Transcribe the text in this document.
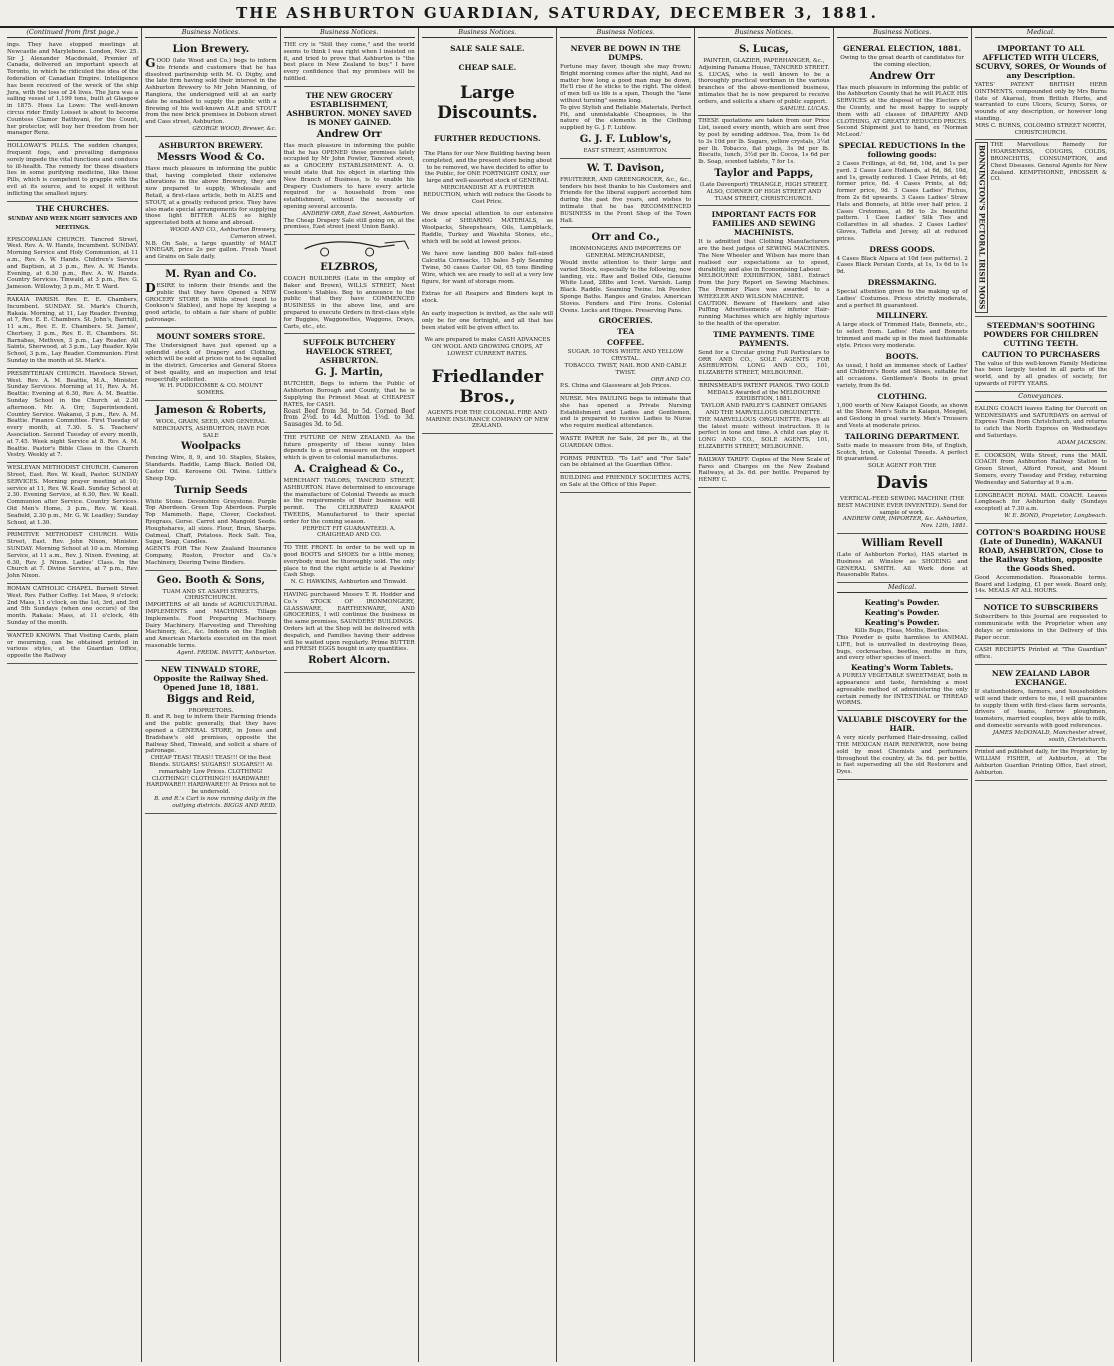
THE ASHBURTON GUARDIAN, SATURDAY, DECEMBER 3, 1881.
(Continued from first page.)
ings. They have stopped meetings at Newcastle and Marylebone. London, Nov. 25. Sir J. Alexander Macdonald, Premier of Canada, delivered an important speech at Toronto, in which he ridiculed the idea of the federation of Canadian Empire. Intelligence has been received of the wreck of the ship Jura, with the loss of 24 lives. The Jura was a sailing vessel of 1,199 tons, built at Glasgow in 1875. Hoes La Lowe: The well-known circus rider Emily Loisset is about to become Countess Clamor Batthyani, for the Count, her protector, will buy her freedom from her manager Renz.
HOLLOWAY'S PILLS. The sudden changes, frequent fogs, and prevailing dampness sorely impede the vital functions and conduce to ill-health. The remedy for these disasters lies in some purifying medicine, like these Pills, which is competent to grapple with the evil at its source, and to expel it without inflicting the smallest injury.
THE CHURCHES.
SUNDAY AND WEEK NIGHT SERVICES AND MEETINGS.
EPISCOPALIAN CHURCH. Tancred Street, West. Rev. A. W. Hands, Incumbent. SUNDAY. Morning Service and Holy Communion, at 11 a.m., Rev. A. W. Hands. Children's Service and Baptism, at 3 p.m., Rev. A. W. Hands. Evening, at 6.30 p.m., Rev. A. W. Hands. Country Services. Tinwald, at 3 p.m., Rev. G. Jameson. Willowby, 3 p.m., Mr. T. Ward.
RAKAIA PARISH. Rev. E. E. Chambers, Incumbent. SUNDAY. St. Mark's Church, Rakaia. Morning, at 11, Lay Reader. Evening, at 7, Rev. E. E. Chambers. St. John's, Barrhill, 11 a.m., Rev. E. E. Chambers. St. James', Chertsey, 3 p.m., Rev. E. E. Chambers. St. Barnabas, Methven, 3 p.m., Lay Reader. All Saints, Sherwood, at 3 p.m., Lay Reader. Kyle School, 3 p.m., Lay Reader. Communion. First Sunday in the month at St. Mark's.
PRESBYTERIAN CHURCH. Havelock Street, West. Rev. A. M. Beattie, M.A., Minister. Sunday Services. Morning at 11, Rev. A. M. Beattie; Evening at 6.30, Rev. A. M. Beattie. Sunday School in the Church at 2.30 afternoon. Mr. A. Orr, Superintendent. Country Service. Wakanui, 3 p.m., Rev. A. M. Beattie. Finance Committee. First Tuesday of every month, at 7.30. S. S. Teachers' Association. Second Tuesday of every month, at 7.45. Week night Service at 8. Rev. A. M. Beattie. Pastor's Bible Class in the Church Vestry. Weekly at 7.
WESLEYAN METHODIST CHURCH. Cameron Street, East. Rev. W. Keall, Pastor. SUNDAY SERVICES. Morning prayer meeting at 10; service at 11, Rev. W. Keall. Sunday School at 2.30. Evening Service, at 6.30, Rev. W. Keall. Communion after Service. Country Services. Old Men's Home, 3 p.m., Rev. W. Keall. Seafield, 2.30 p.m., Mr. G. W. Leadley; Sunday School, at 1.30.
PRIMITIVE METHODIST CHURCH. Wills Street, East. Rev. John Nixon, Minister. SUNDAY. Morning School at 10 a.m. Morning Service, at 11 a.m., Rev. J. Nixon. Evening, at 6.30, Rev. J. Nixon. Ladies' Class. In the Church at 7. Divine Service, at 7 p.m., Rev. John Nixon.
ROMAN CATHOLIC CHAPEL. Burnett Street West. Rev. Father Coffey. 1st Mass, 9 o'clock; 2nd Mass, 11 o'clock, on the 1st, 3rd, and 3rd and 5th Sundays (when one occurs) of the month. Rakaia: Mass, at 11 o'clock, 4th Sunday of the month.
WANTED KNOWN. That Visiting Cards, plain or mourning, can be obtained printed in various styles, at the Guardian Office, opposite the Railway
Business Notices.
Lion Brewery.
GOOD (late Wood and Co.) begs to inform his friends and customers that he has dissolved partnership with M. O. Digby, and the late firm having sold their interest in the Ashburton Brewery to Mr John Manning, of Rangiora, the undersigned will at an early date be enabled to supply the public with a Brewing of his well-known ALE and STOUT from the new brick premises in Dobson street and Cass street, Ashburton.
GEORGE WOOD, Brewer, &c.
ASHBURTON BREWERY.
Messrs Wood & Co.
Have much pleasure in informing the public that, having completed their extensive alterations in the above Brewery, they are now prepared to supply, Wholesale and Retail, a first-class article, both in ALES and STOUT, at a greatly reduced price. They have also made special arrangements for supplying those light BITTER ALES so highly appreciated both at home and abroad.
WOOD AND CO., Ashburton Brewery, Cameron street.
N.B. On Sale, a large quantity of MALT VINEGAR, price 2s per gallon. Fresh Yeast and Grains on Sale daily.
M. Ryan and Co.
DESIRE to inform their friends and the public that they have Opened a NEW GROCERY STORE in Wills street (next to Cookson's Stables), and hope by keeping a good article, to obtain a fair share of public patronage.
MOUNT SOMERS STORE.
The Undersigned have just opened up a splendid stock of Drapery and Clothing, which will be sold at prices not to be equalled in the district. Groceries and General Stores of best quality, and an inspection and trial respectfully solicited.
W. H. PUDDICOMBE & CO. MOUNT SOMERS.
Jameson & Roberts,
WOOL, GRAIN, SEED, AND GENERAL MERCHANTS, ASHBURTON, HAVE FOR SALE
Woolpacks
Fencing Wire, 8, 9, and 10. Staples, Stakes, Standards. Raddle, Lamp Black. Boiled Oil, Castor Oil. Kerosene Oil. Twine. Little's Sheep Dip.
Turnip Seeds
White Stone. Devonshire Greystone. Purple Top Aberdeen. Green Top Aberdeen. Purple Top Mammoth. Rape, Clover, Cocksfoot. Ryegrass, Gorse. Carrot and Mangold Seeds. Ploughshares, all sizes. Flour, Bran, Sharps. Oatmeal, Chaff, Potatoes. Rock Salt. Tea, Sugar, Soap, Candles.
AGENTS FOR The New Zealand Insurance Company, Ruston, Proctor and Co.'s Machinery, Deering Twine Binders.
Geo. Booth & Sons,
TUAM AND ST. ASAPH STREETS, CHRISTCHURCH.
IMPORTERS of all kinds of AGRICULTURAL IMPLEMENTS and MACHINES. Tillage Implements. Food Preparing Machinery. Dairy Machinery. Harvesting and Threshing Machinery, &c., &c. Indents on the English and American Markets executed on the most reasonable terms.
Agent. FREDK. PAVITT, Ashburton.
NEW TINWALD STORE, Opposite the Railway Shed. Opened June 18, 1881.
Biggs and Reid,
PROPRIETORS.
B. and R. beg to inform their Farming friends and the public generally, that they have opened a GENERAL STORE, in Jones and Bradshaw's old premises, opposite the Railway Shed, Tinwald, and solicit a share of patronage.
CHEAP TEAS! TEAS!! TEAS!!! Of the Best Blends. SUGARS! SUGARS!! SUGARS!!! At remarkably Low Prices. CLOTHING! CLOTHING!! CLOTHING!!! HARDWARE! HARDWARE!! HARDWARE!!! At Prices not to be undersold.
B. and R.'s Cart is now running daily in the outlying districts. BIGGS AND REID.
Business Notices.
THE cry is "Still they come," and the world seems to think I was right when I insisted on it, and tried to prove that Ashburton is "the best place in New Zealand to buy." I have every confidence that my promises will be fulfilled.
THE NEW GROCERY ESTABLISHMENT, ASHBURTON. MONEY SAVED IS MONEY GAINED.
Andrew Orr
Has much pleasure in informing the public that he has OPENED those premises lately occupied by Mr John Fowler, Tancred street, as a GROCERY ESTABLISHMENT. A. O. would state that his object in starting this New Branch of Business, is to enable his Drapery Customers to have every article required for a household from one establishment, without the necessity of opening several accounts.
ANDREW ORR, East Street, Ashburton.
The Cheap Drapery Sale still going on, at the premises, East street (next Union Bank).
ELZBROS,
COACH BUILDERS (Late in the employ of Baker and Brown), WILLS STREET, Next Cookson's Stables. Beg to announce to the public that they have COMMENCED BUSINESS in the above line, and are prepared to execute Orders in first-class style for Buggies, Waggonettes, Waggons, Drays, Carts, etc., etc.
SUFFOLK BUTCHERY HAVELOCK STREET, ASHBURTON.
G. J. Martin,
BUTCHER, Begs to inform the Public of Ashburton Borough and County, that he is Supplying the Primest Meat at CHEAPEST RATES, for CASH.
Roast Beef from 3d. to 5d. Corned Beef from 2½d. to 4d. Mutton 1½d. to 3d. Sausages 3d. to 5d.
THE FUTURE OF NEW ZEALAND. As the future prosperity of these sunny Isles depends to a great measure on the support which is given to colonial manufactures.
A. Craighead & Co.,
MERCHANT TAILORS, TANCRED STREET, ASHBURTON. Have determined to encourage the manufacture of Colonial Tweeds as much as the requirements of their business will permit. The CELEBRATED KAIAPOI TWEEDS, Manufactured to their special order for the coming season.
PERFECT FIT GUARANTEED. A. CRAIGHEAD AND CO.
TO THE FRONT. In order to be well up in good BOOTS and SHOES for a little money, everybody must be thoroughly sold. The only place to find the right article is at Pawkins' Cash Shop.
N. C. HAWKINS, Ashburton and Tinwald.
HAVING purchased Messrs T. R. Hodder and Co.'s STOCK OF IRONMONGERY, GLASSWARE, EARTHENWARE, AND GROCERIES, I will continue the business in the same premises, SAUNDERS' BUILDINGS.
Orders left at the Shop will be delivered with despatch, and Families having their address will be waited upon regularly. Prime BUTTER and FRESH EGGS bought in any quantities.
Robert Alcorn.
Business Notices.
SALE SALE SALE.
CHEAP SALE.
Large Discounts.
FURTHER REDUCTIONS.
The Plans for our New Building having been completed, and the present store being about to be removed, we have decided to offer to the Public, for ONE FORTNIGHT ONLY, our large and well-assorted stock of GENERAL MERCHANDISE AT A FURTHER REDUCTION, which will reduce the Goods to Cost Price.
We draw special attention to our extensive stock of SHEARING MATERIALS, as Woolpacks, Sheepshears, Oils, Lampblack, Raddle, Turkey and Washita Stones, etc., which will be sold at lowest prices.
We have now landing 800 bales full-sized Calcutta Cornsacks, 15 bales 5-ply Seaming Twine, 50 cases Castor Oil, 65 tons Binding Wire, which we are ready to sell at a very low figure, for want of storage room.
Extras for all Reapers and Binders kept in stock.
An early inspection is invited, as the sale will only be for one fortnight, and all that has been stated will be given effect to.
We are prepared to make CASH ADVANCES ON WOOL AND GROWING CROPS, AT LOWEST CURRENT RATES.
Friedlander Bros.,
AGENTS FOR THE COLONIAL FIRE AND MARINE INSURANCE COMPANY OF NEW ZEALAND.
Business Notices.
NEVER BE DOWN IN THE DUMPS.
Fortune may favor, though she may frown; Bright morning comes after the night, And no matter how long a good man may be down, He'll rise if he sticks to the right. The oldest of men tell us life is a span, Though the "lane without turning" seems long.
To give Stylish and Reliable Materials, Perfect Fit, and unmistakable Cheapness, is the nature of the elements in the Clothing supplied by G. J. F. Lublow.
G. J. F. Lublow's,
EAST STREET, ASHBURTON.
W. T. Davison,
FRUITERER, AND GREENGROCER, &c., &c., tenders his best thanks to his Customers and Friends for the liberal support accorded him during the past five years, and wishes to intimate that he has RECOMMENCED BUSINESS in the Front Shop of the Town Hall.
Orr and Co.,
IRONMONGERS AND IMPORTERS OF GENERAL MERCHANDISE,
Would invite attention to their large and varied Stock, especially to the following, now landing, viz.: Raw and Boiled Oils, Genuine White Lead, 28lbs and 1cwt. Varnish. Lamp Black. Raddle. Seaming Twine. Ink Powder. Sponge Baths. Ranges and Grates. American Stoves. Fenders and Fire Irons. Colonial Ovens. Locks and Hinges. Preserving Pans.
GROCERIES.
TEA
COFFEE.
SUGAR. 10 TONS WHITE AND YELLOW CRYSTAL.
TOBACCO. TWIST, NAIL ROD AND CABLE TWIST.
ORR AND CO.
P.S. China and Glassware at Job Prices.
NURSE. Mrs PAULING begs to intimate that she has opened a Private Nursing Establishment and Ladies and Gentlemen, and is prepared to receive Ladies to Nurse who require medical attendance.
WASTE PAPER for Sale, 2d per lb., at the GUARDIAN Office.
FORMS PRINTED. "To Let" and "For Sale" can be obtained at the Guardian Office.
BUILDING and FRIENDLY SOCIETIES ACTS, on Sale at the Office of this Paper.
Business Notices.
S. Lucas,
PAINTER, GLAZIER, PAPERHANGER, &c.,
Adjoining Panama House, TANCRED STREET.
S. LUCAS, who is well known to be a thoroughly practical workman in the various branches of the above-mentioned business, intimates that he is now prepared to receive orders, and solicits a share of public support.
SAMUEL LUCAS.
THESE quotations are taken from our Price List, issued every month, which are sent free by post by sending address. Tea, from 1s 6d to 3s 10d per lb. Sugars, yellow crystals, 3¼d per lb. Tobacco, flat plugs, 3s 9d per lb. Biscuits, lunch, 3½d per lb. Cocoa, 1s 6d per lb. Soap, scented tablets, 7 for 1s.
Taylor and Papps,
(Late Davenport) TRIANGLE, HIGH STREET, ALSO, CORNER OF HIGH STREET AND TUAM STREET, CHRISTCHURCH.
IMPORTANT FACTS FOR FAMILIES AND SEWING MACHINISTS.
It is admitted that Clothing Manufacturers are the best judges of SEWING MACHINES. The New Wheeler and Wilson has more than realised our expectations as to speed, durability, and also in Economising Labour.
MELBOURNE EXHIBITION, 1881. Extract from the Jury Report on Sewing Machines. The Premier Place was awarded to a WHEELER AND WILSON MACHINE.
CAUTION. Beware of Hawkers and also Puffing Advertisements of inferior Hair-running Machines which are highly injurious to the health of the operator.
TIME PAYMENTS. TIME PAYMENTS.
Send for a Circular giving Full Particulars to ORR AND CO., SOLE AGENTS FOR ASHBURTON. LONG AND CO., 101, ELIZABETH STREET, MELBOURNE.
BRINSMEAD'S PATENT PIANOS. TWO GOLD MEDALS Awarded at the MELBOURNE EXHIBITION, 1881.
TAYLOR AND FARLEY'S CABINET ORGANS AND THE MARVELLOUS ORGUINETTE.
THE MARVELLOUS ORGUINETTE. Plays all the latest music without instruction. It is perfect in tone and time. A child can play it. LONG AND CO., SOLE AGENTS, 101, ELIZABETH STREET, MELBOURNE.
RAILWAY TARIFF. Copies of the New Scale of Fares and Charges on the New Zealand Railways, at 3s. 6d. per bottle. Prepared by HENRY C.
Business Notices.
GENERAL ELECTION, 1881.
Owing to the great dearth of candidates for the coming election,
Andrew Orr
Has much pleasure in informing the public of the Ashburton County that he will PLACE HIS SERVICES at the disposal of the Electors of the County, and he most happy to supply them with all classes of DRAPERY AND CLOTHING, AT GREATLY REDUCED PRICES. Second Shipment just to hand, ex 'Norman McLeod.'
SPECIAL REDUCTIONS In the following goods:
2 Cases Frillings, at 6d, 6d, 10d, and 1s per yard. 2 Cases Lace Hollands, at 6d, 8d, 10d, and 1s, greatly reduced. 1 Case Prints, at 4d; former price, 6d. 4 Cases Prints, at 6d; former price, 9d. 3 Cases Ladies' Fichus, from 2s 6d upwards. 3 Cases Ladies' Straw Hats and Bonnets, at little over half price. 2 Cases Cretonnes, at 8d to 2s beautiful pattern. 1 Case Ladies' Silk Ties and Collarettes in all shades. 2 Cases Ladies' Gloves, Taffeta and Jersey, all at reduced prices.
DRESS GOODS.
4 Cases Black Alpaca at 10d (see patterns). 2 Cases Black Persian Cords, at 1s, 1s 6d to 1s 9d.
DRESSMAKING.
Special attention given to the making up of Ladies' Costumes. Prices strictly moderate, and a perfect fit guaranteed.
MILLINERY.
A large stock of Trimmed Hats, Bonnets, etc., to select from. Ladies' Hats and Bonnets trimmed and made up in the most fashionable style. Prices very moderate.
BOOTS.
As usual, I hold an immense stock of Ladies' and Children's Boots and Shoes, suitable for all occasions. Gentlemen's Boots in great variety, from 8s 6d.
CLOTHING.
1,000 worth of New Kaiapoi Goods, as shown at the Show. Men's Suits in Kaiapoi, Mosgiel, and Geelong in great variety. Men's Trousers and Vests at moderate prices.
TAILORING DEPARTMENT.
Suits made to measure from 84s, of English, Scotch, Irish, or Colonial Tweeds. A perfect fit guaranteed.
SOLE AGENT FOR THE
Davis
VERTICAL-FEED SEWING MACHINE (THE BEST MACHINE EVER INVENTED). Send for sample of work.
ANDREW ORR, IMPORTER, &c. Ashburton, Nov. 12th, 1881.
William Revell
(Late of Ashburton Forks), HAS started in Business at Winslow as SHOEING and GENERAL SMITH. All Work done at Reasonable Rates.
Medical.
Keating's Powder.
Keating's Powder.
Keating's Powder.
Kills Bugs, Fleas, Moths, Beetles.
This Powder is quite harmless to ANIMAL LIFE, but is unrivalled in destroying fleas, bugs, cockroaches, beetles, moths in furs, and every other species of insect.
Keating's Worm Tablets.
A PURELY VEGETABLE SWEETMEAT, both in appearance and taste, furnishing a most agreeable method of administering the only certain remedy for INTESTINAL or THREAD WORMS.
VALUABLE DISCOVERY for the HAIR.
A very nicely perfumed Hair-dressing, called THE MEXICAN HAIR RENEWER, now being sold by most Chemists and perfumers throughout the country, at 3s. 6d. per bottle, is fast superseding all the old Restorers and Dyes.
Medical.
IMPORTANT TO ALL AFFLICTED WITH ULCERS, SCURVY, SORES, Or Wounds of any Description.
YATES' PATENT BRITISH HERB OINTMENTS, compounded only by Mrs Burns (late of Akaroa), from British Herbs, and warranted to cure Ulcers, Scurvy, Sores, or wounds of any description, or however long standing.
MRS C. BURNS, COLOMBO STREET NORTH, CHRISTCHURCH.
BONNINGTON'S PECTORAL IRISH MOSS THE Marvellous Remedy for HOARSENESS, COUGHS, COLDS, BRONCHITIS, CONSUMPTION, and Chest Diseases. General Agents for New Zealand. KEMPTHORNE, PROSSER & CO.
STEEDMAN'S SOOTHING POWDERS FOR CHILDREN CUTTING TEETH.
CAUTION TO PURCHASERS
The value of this well-known Family Medicine has been largely tested in all parts of the world, and by all grades of society, for upwards of FIFTY YEARS.
Conveyances.
EALING COACH leaves Ealing for Ourcott on WEDNESDAYS and SATURDAYS on arrival of Express Train from Christchurch, and returns to catch the North Express on Wednesdays and Saturdays.
ADAM JACKSON.
E. COOKSON, Wills Street, runs the MAIL COACH from Ashburton Railway Station to Green Street, Alford Forest, and Mount Somers, every Tuesday and Friday, returning Wednesday and Saturday at 9 a.m.
LONGBEACH ROYAL MAIL COACH. Leaves Longbeach for Ashburton daily (Sundays excepted) at 7.30 a.m.
W. E. BOND, Proprietor, Longbeach.
COTTON'S BOARDING HOUSE (Late of Dunedin), WAKANUI ROAD, ASHBURTON, Close to the Railway Station, opposite the Goods Shed.
Good Accommodation. Reasonable terms. Board and Lodging, £1 per week. Board only, 14s. MEALS AT ALL HOURS.
NOTICE TO SUBSCRIBERS
Subscribers to this Journal are requested to communicate with the Proprietor when any delays or omissions in the Delivery of this Paper occur.
CASH RECEIPTS Printed at "The Guardian" office.
NEW ZEALAND LABOR EXCHANGE.
If stationholders, farmers, and householders will send their orders to me, I will guarantee to supply them with first-class farm servants, drivers of teams, furrow ploughmen, teamsters, married couples, boys able to milk, and domestic servants with good references.
JAMES McDONALD, Manchester street, south, Christchurch.
Printed and published daily, for the Proprietor, by WILLIAM FISHER, of Ashburton, at The Ashburton Guardian Printing Office, East street, Ashburton.
